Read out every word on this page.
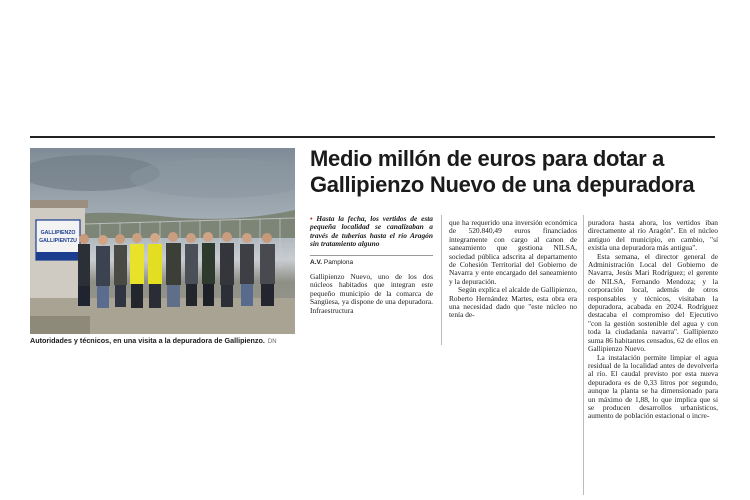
GALLIPIENZO
GALLIPIENTZU
Autoridades y técnicos, en una visita a la depuradora de Gallipienzo. DN
Medio millón de euros para dotar a
Gallipienzo Nuevo de una depuradora

• Hasta la fecha, los vertidos de esta pequeña localidad se canalizaban a través de tuberías hasta el río Aragón sin tratamiento alguno

A.V. Pamplona

Gallipienzo Nuevo, uno de los dos núcleos habitados que integran este pequeño municipio de la comarca de Sangüesa, ya dispone de una depuradora. Infraestructura

que ha requerido una inversión económica de 520.840,49 euros financiados íntegramente con cargo al canon de saneamiento que gestiona NILSA, sociedad pública adscrita al departamento de Cohesión Territorial del Gobierno de Navarra y ente encargado del saneamiento y la depuración.

Según explica el alcalde de Gallipienzo, Roberto Hernández Martes, esta obra era una necesidad dado que "este núcleo no tenía de-

puradora hasta ahora, los vertidos iban directamente al río Aragón". En el núcleo antiguo del municipio, en cambio, "sí existía una depuradora más antigua".

Esta semana, el director general de Administración Local del Gobierno de Navarra, Jesús Mari Rodríguez; el gerente de NILSA, Fernando Mendoza; y la corporación local, además de otros responsables y técnicos, visitaban la depuradora, acabada en 2024. Rodríguez destacaba el compromiso del Ejecutivo "con la gestión sostenible del agua y con toda la ciudadanía navarra". Gallipienzo suma 86 habitantes censados, 62 de ellos en Gallipienzo Nuevo.

La instalación permite limpiar el agua residual de la localidad antes de devolverla al río. El caudal previsto por esta nueva depuradora es de 0,33 litros por segundo, aunque la planta se ha dimensionado para un máximo de 1,88, lo que implica que si se producen desarrollos urbanísticos, aumento de población estacional o incre-
